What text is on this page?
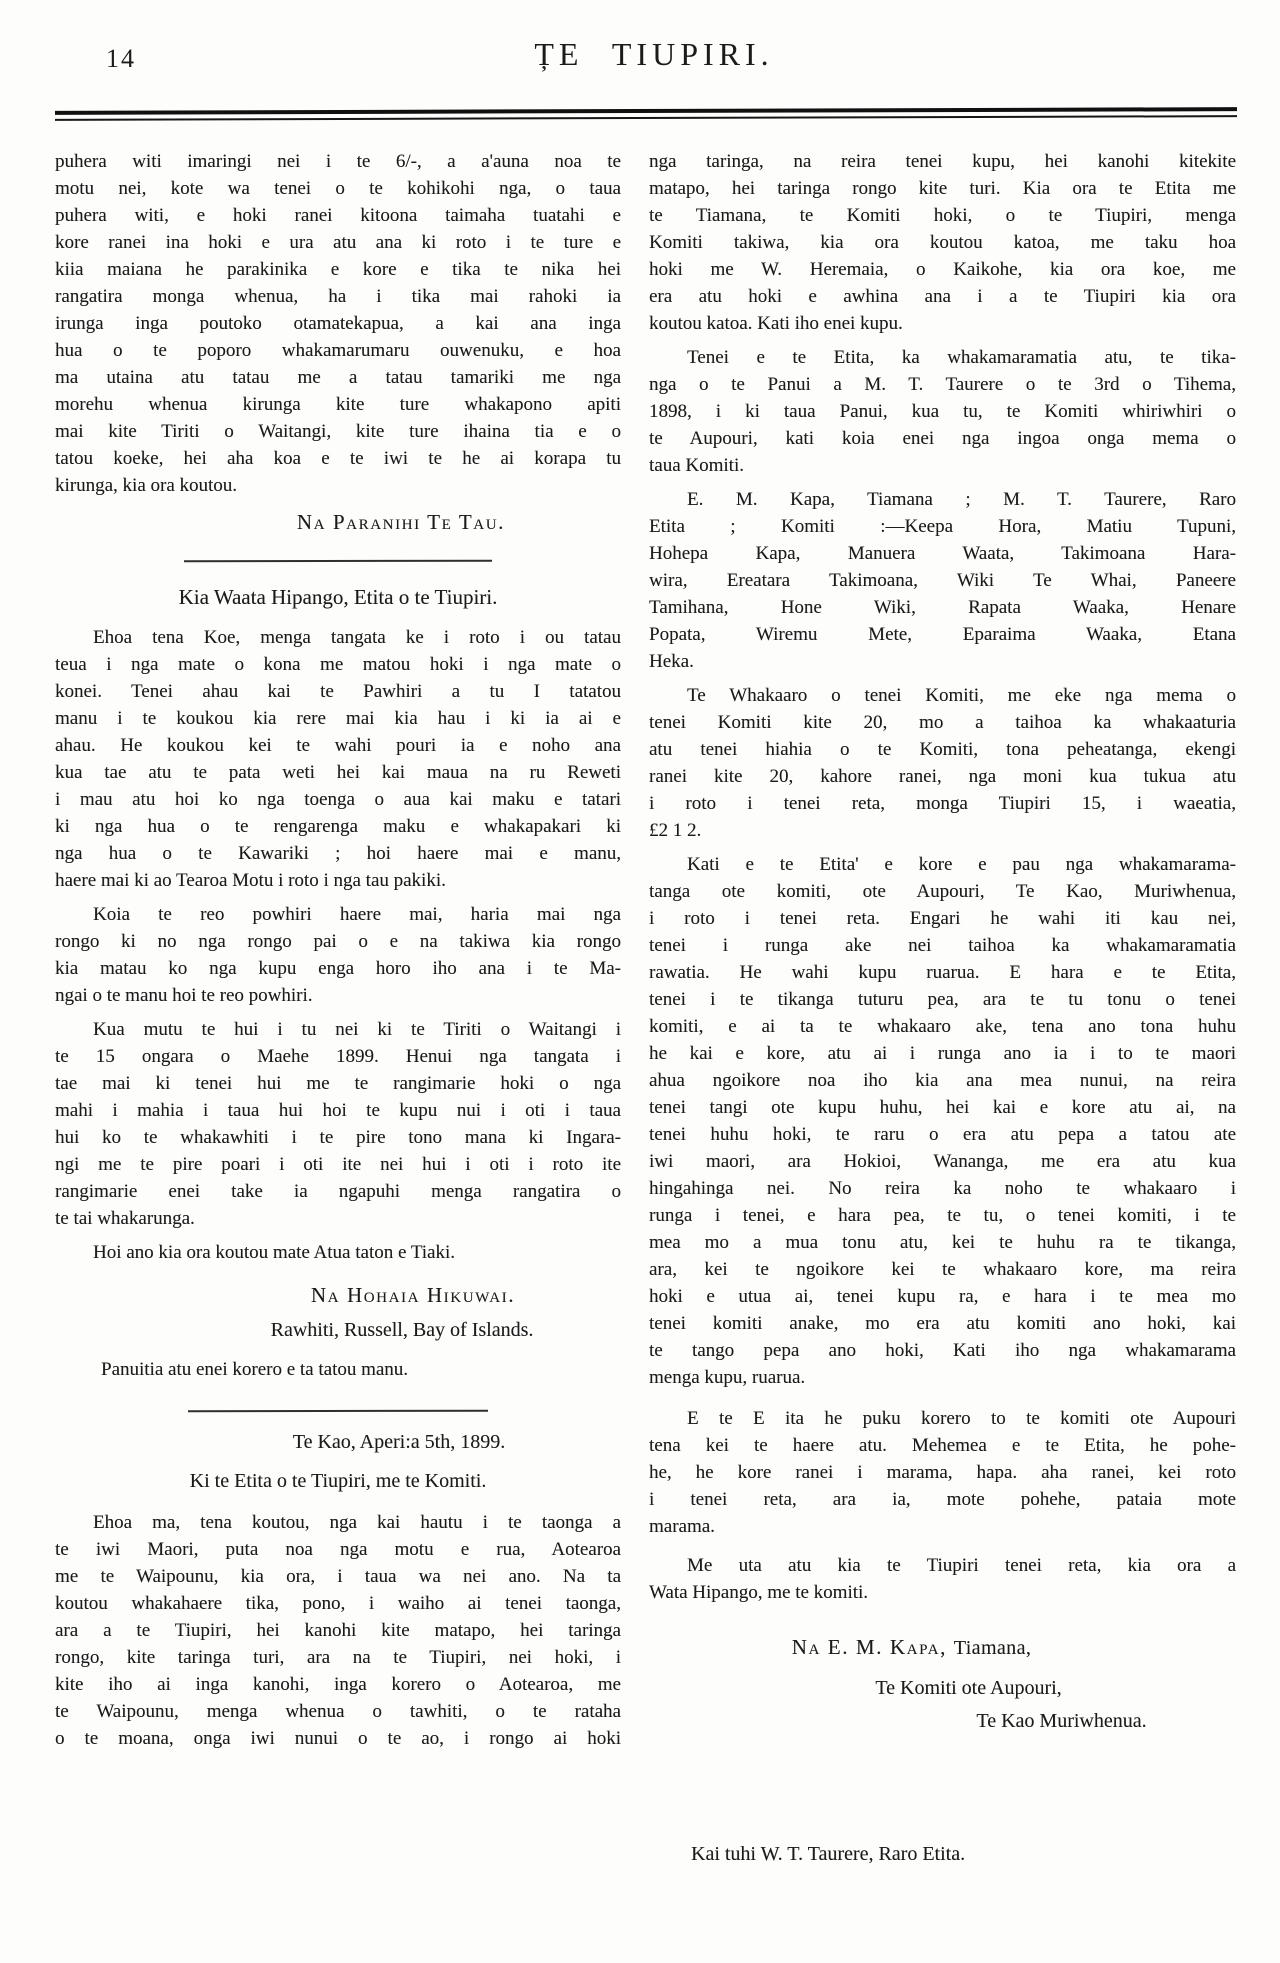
14	ȚE TIUPIRI.
puhera witi imaringi nei i te 6/-, a a'auna noa te
motu nei, kote wa tenei o te kohikohi nga, o taua
puhera witi, e hoki ranei kitoona taimaha tuatahi e
kore ranei ina hoki e ura atu ana ki roto i te ture e
kiia maiana he parakinika e kore e tika te nika hei
rangatira monga whenua, ha i tika mai rahoki ia
irunga inga poutoko otamatekapua, a kai ana inga
hua o te poporo whakamarumaru ouwenuku, e hoa
ma utaina atu tatau me a tatau tamariki me nga
morehu whenua kirunga kite ture whakapono apiti
mai kite Tiriti o Waitangi, kite ture ihaina tia e o
tatou koeke, hei aha koa e te iwi te he ai korapa tu
kirunga, kia ora koutou.
Na Paranihi Te Tau.
Kia Waata Hipango, Etita o te Tiupiri.
Ehoa tena Koe, menga tangata ke i roto i ou tatau
teua i nga mate o kona me matou hoki i nga mate o
konei. Tenei ahau kai te Pawhiri a tu I tatatou
manu i te koukou kia rere mai kia hau i ki ia ai e
ahau. He koukou kei te wahi pouri ia e noho ana
kua tae atu te pata weti hei kai maua na ru Reweti
i mau atu hoi ko nga toenga o aua kai maku e tatari
ki nga hua o te rengarenga maku e whakapakari ki
nga hua o te Kawariki ; hoi haere mai e manu,
haere mai ki ao Tearoa Motu i roto i nga tau pakiki.
Koia te reo powhiri haere mai, haria mai nga
rongo ki no nga rongo pai o e na takiwa kia rongo
kia matau ko nga kupu enga horo iho ana i te Ma-
ngai o te manu hoi te reo powhiri.
Kua mutu te hui i tu nei ki te Tiriti o Waitangi i
te 15 ongara o Maehe 1899. Henui nga tangata i
tae mai ki tenei hui me te rangimarie hoki o nga
mahi i mahia i taua hui hoi te kupu nui i oti i taua
hui ko te whakawhiti i te pire tono mana ki Ingara-
ngi me te pire poari i oti ite nei hui i oti i roto ite
rangimarie enei take ia ngapuhi menga rangatira o
te tai whakarunga.
Hoi ano kia ora koutou mate Atua taton e Tiaki.
Na Hohaia Hikuwai.
Rawhiti, Russell, Bay of Islands.
Panuitia atu enei korero e ta tatou manu.
Te Kao, Aperi:a 5th, 1899.
Ki te Etita o te Tiupiri, me te Komiti.
Ehoa ma, tena koutou, nga kai hautu i te taonga a
te iwi Maori, puta noa nga motu e rua, Aotearoa
me te Waipounu, kia ora, i taua wa nei ano. Na ta
koutou whakahaere tika, pono, i waiho ai tenei taonga,
ara a te Tiupiri, hei kanohi kite matapo, hei taringa
rongo, kite taringa turi, ara na te Tiupiri, nei hoki, i
kite iho ai inga kanohi, inga korero o Aotearoa, me
te Waipounu, menga whenua o tawhiti, o te rataha
o te moana, onga iwi nunui o te ao, i rongo ai hoki
nga taringa, na reira tenei kupu, hei kanohi kitekite
matapo, hei taringa rongo kite turi. Kia ora te Etita me
te Tiamana, te Komiti hoki, o te Tiupiri, menga
Komiti takiwa, kia ora koutou katoa, me taku hoa
hoki me W. Heremaia, o Kaikohe, kia ora koe, me
era atu hoki e awhina ana i a te Tiupiri kia ora
koutou katoa. Kati iho enei kupu.
Tenei e te Etita, ka whakamaramatia atu, te tika-
nga o te Panui a M. T. Taurere o te 3rd o Tihema,
1898, i ki taua Panui, kua tu, te Komiti whiriwhiri o
te Aupouri, kati koia enei nga ingoa onga mema o
taua Komiti.
E. M. Kapa, Tiamana ; M. T. Taurere, Raro
Etita ; Komiti :—Keepa Hora, Matiu Tupuni,
Hohepa Kapa, Manuera Waata, Takimoana Hara-
wira, Ereatara Takimoana, Wiki Te Whai, Paneere
Tamihana, Hone Wiki, Rapata Waaka, Henare
Popata, Wiremu Mete, Eparaima Waaka, Etana
Heka.
Te Whakaaro o tenei Komiti, me eke nga mema o
tenei Komiti kite 20, mo a taihoa ka whakaaturia
atu tenei hiahia o te Komiti, tona peheatanga, ekengi
ranei kite 20, kahore ranei, nga moni kua tukua atu
i roto i tenei reta, monga Tiupiri 15, i waeatia,
£2 1 2.
Kati e te Etita' e kore e pau nga whakamarama-
tanga ote komiti, ote Aupouri, Te Kao, Muriwhenua,
i roto i tenei reta. Engari he wahi iti kau nei,
tenei i runga ake nei taihoa ka whakamaramatia
rawatia. He wahi kupu ruarua. E hara e te Etita,
tenei i te tikanga tuturu pea, ara te tu tonu o tenei
komiti, e ai ta te whakaaro ake, tena ano tona huhu
he kai e kore, atu ai i runga ano ia i to te maori
ahua ngoikore noa iho kia ana mea nunui, na reira
tenei tangi ote kupu huhu, hei kai e kore atu ai, na
tenei huhu hoki, te raru o era atu pepa a tatou ate
iwi maori, ara Hokioi, Wananga, me era atu kua
hingahinga nei. No reira ka noho te whakaaro i
runga i tenei, e hara pea, te tu, o tenei komiti, i te
mea mo a mua tonu atu, kei te huhu ra te tikanga,
ara, kei te ngoikore kei te whakaaro kore, ma reira
hoki e utua ai, tenei kupu ra, e hara i te mea mo
tenei komiti anake, mo era atu komiti ano hoki, kai
te tango pepa ano hoki, Kati iho nga whakamarama
menga kupu, ruarua.
E te E ita he puku korero to te komiti ote Aupouri
tena kei te haere atu. Mehemea e te Etita, he pohe-
he, he kore ranei i marama, hapa. aha ranei, kei roto
i tenei reta, ara ia, mote pohehe, pataia mote
marama.
Me uta atu kia te Tiupiri tenei reta, kia ora a
Wata Hipango, me te komiti.
Na E. M. Kapa, Tiamana,
Te Komiti ote Aupouri,
Te Kao Muriwhenua.
Kai tuhi W. T. Taurere, Raro Etita.
